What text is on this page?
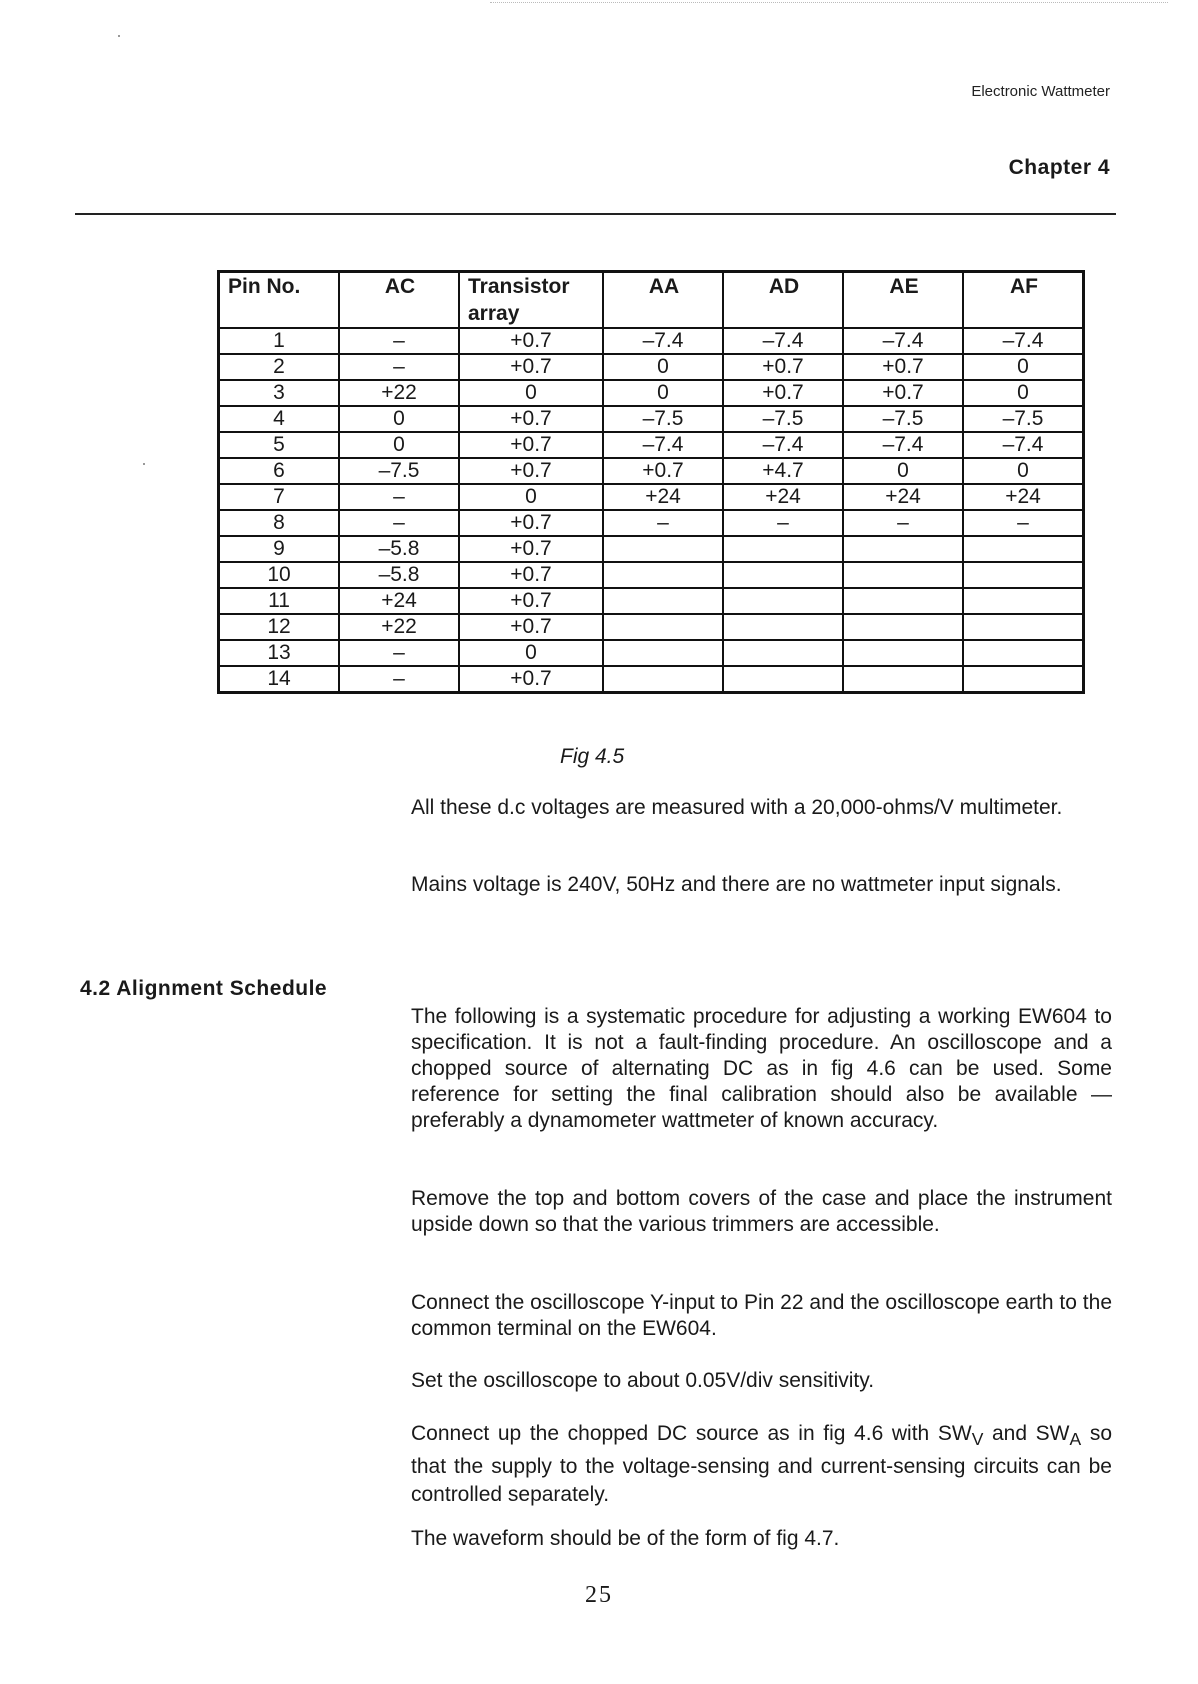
Electronic Wattmeter
Chapter 4
Pin No.	AC	Transistor array	AA	AD	AE	AF
1	–	+0.7	–7.4	–7.4	–7.4	–7.4
2	–	+0.7	0	+0.7	+0.7	0
3	+22	0	0	+0.7	+0.7	0
4	0	+0.7	–7.5	–7.5	–7.5	–7.5
5	0	+0.7	–7.4	–7.4	–7.4	–7.4
6	–7.5	+0.7	+0.7	+4.7	0	0
7	–	0	+24	+24	+24	+24
8	–	+0.7	–	–	–	–
9	–5.8	+0.7				
10	–5.8	+0.7				
11	+24	+0.7				
12	+22	+0.7				
13	–	0				
14	–	+0.7				
Fig 4.5
All these d.c voltages are measured with a 20,000-ohms/V multimeter.
Mains voltage is 240V, 50Hz and there are no wattmeter input signals.
4.2 Alignment Schedule
The following is a systematic procedure for adjusting a working EW604 to specification. It is not a fault-finding procedure. An oscilloscope and a chopped source of alternating DC as in fig 4.6 can be used. Some reference for setting the final calibration should also be available — preferably a dynamometer wattmeter of known accuracy.
Remove the top and bottom covers of the case and place the instrument upside down so that the various trimmers are accessible.
Connect the oscilloscope Y-input to Pin 22 and the oscilloscope earth to the common terminal on the EW604.
Set the oscilloscope to about 0.05V/div sensitivity.
Connect up the chopped DC source as in fig 4.6 with $SW_V$ and $SW_A$ so that the supply to the voltage-sensing and current-sensing circuits can be controlled separately.
The waveform should be of the form of fig 4.7.
25
